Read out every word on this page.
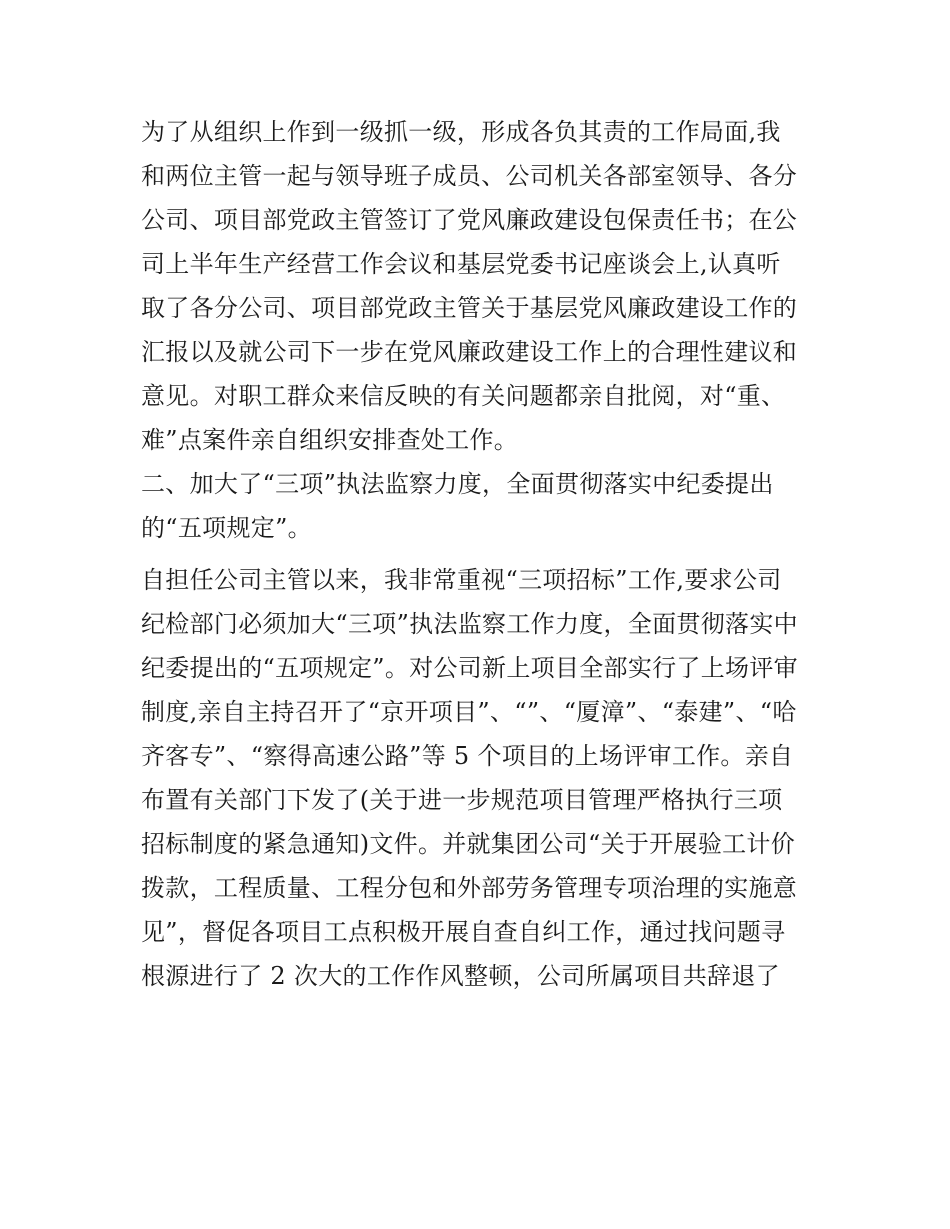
为了从组织上作到一级抓一级，形成各负其责的工作局面,我
和两位主管一起与领导班子成员、公司机关各部室领导、各分
公司、项目部党政主管签订了党风廉政建设包保责任书；在公
司上半年生产经营工作会议和基层党委书记座谈会上,认真听
取了各分公司、项目部党政主管关于基层党风廉政建设工作的
汇报以及就公司下一步在党风廉政建设工作上的合理性建议和
意见。对职工群众来信反映的有关问题都亲自批阅，对“重、
难”点案件亲自组织安排查处工作。
二、加大了“三项”执法监察力度，全面贯彻落实中纪委提出
的“五项规定”。
自担任公司主管以来，我非常重视“三项招标”工作,要求公司
纪检部门必须加大“三项”执法监察工作力度，全面贯彻落实中
纪委提出的“五项规定”。对公司新上项目全部实行了上场评审
制度,亲自主持召开了“京开项目”、“”、“厦漳”、“泰建”、“哈
齐客专”、“察得高速公路”等 5 个项目的上场评审工作。亲自
布置有关部门下发了(关于进一步规范项目管理严格执行三项
招标制度的紧急通知)文件。并就集团公司“关于开展验工计价
拨款，工程质量、工程分包和外部劳务管理专项治理的实施意
见”，督促各项目工点积极开展自查自纠工作，通过找问题寻
根源进行了 2 次大的工作作风整顿，公司所属项目共辞退了
